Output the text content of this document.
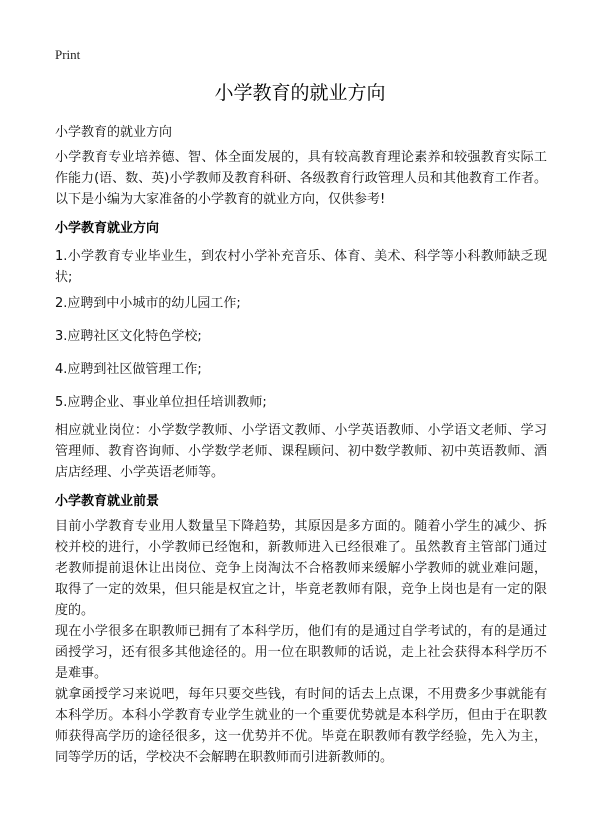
Print
小学教育的就业方向
小学教育的就业方向

小学教育专业培养德、智、体全面发展的，具有较高教育理论素养和较强教育实际工作能力(语、数、英)小学教师及教育科研、各级教育行政管理人员和其他教育工作者。以下是小编为大家准备的小学教育的就业方向，仅供参考!

小学教育就业方向

1.小学教育专业毕业生，到农村小学补充音乐、体育、美术、科学等小科教师缺乏现状;

2.应聘到中小城市的幼儿园工作;

3.应聘社区文化特色学校;

4.应聘到社区做管理工作;

5.应聘企业、事业单位担任培训教师;

相应就业岗位：小学数学教师、小学语文教师、小学英语教师、小学语文老师、学习管理师、教育咨询师、小学数学老师、课程顾问、初中数学教师、初中英语教师、酒店店经理、小学英语老师等。

小学教育就业前景

目前小学教育专业用人数量呈下降趋势，其原因是多方面的。随着小学生的减少、拆校并校的进行，小学教师已经饱和，新教师进入已经很难了。虽然教育主管部门通过老教师提前退休让出岗位、竞争上岗淘汰不合格教师来缓解小学教师的就业难问题，取得了一定的效果，但只能是权宜之计，毕竟老教师有限，竞争上岗也是有一定的限度的。

现在小学很多在职教师已拥有了本科学历，他们有的是通过自学考试的，有的是通过函授学习，还有很多其他途径的。用一位在职教师的话说，走上社会获得本科学历不是难事。

就拿函授学习来说吧，每年只要交些钱，有时间的话去上点课，不用费多少事就能有本科学历。本科小学教育专业学生就业的一个重要优势就是本科学历，但由于在职教师获得高学历的途径很多，这一优势并不优。毕竟在职教师有教学经验，先入为主，同等学历的话，学校决不会解聘在职教师而引进新教师的。
